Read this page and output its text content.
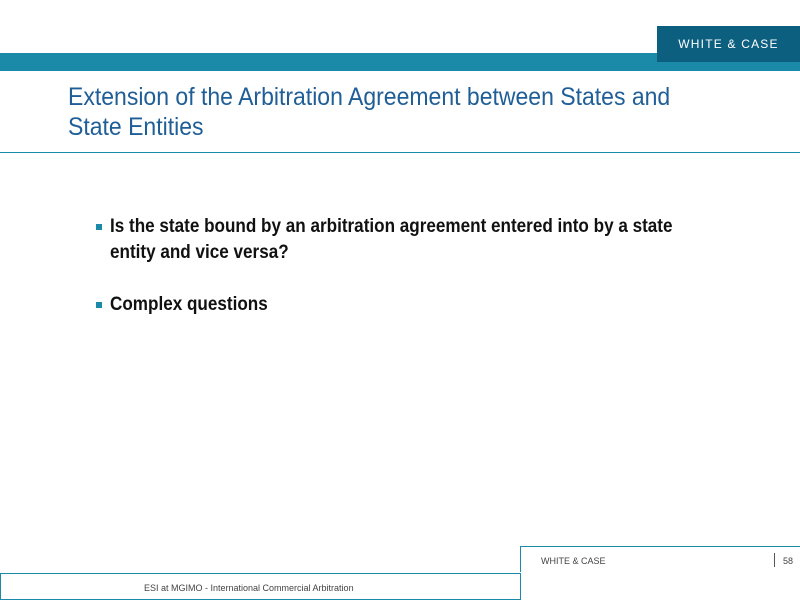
WHITE & CASE
Extension of the Arbitration Agreement between States and State Entities
Is the state bound by an arbitration agreement entered into by a state entity and vice versa?
Complex questions
WHITE & CASE	58
ESI at MGIMO - International Commercial Arbitration
